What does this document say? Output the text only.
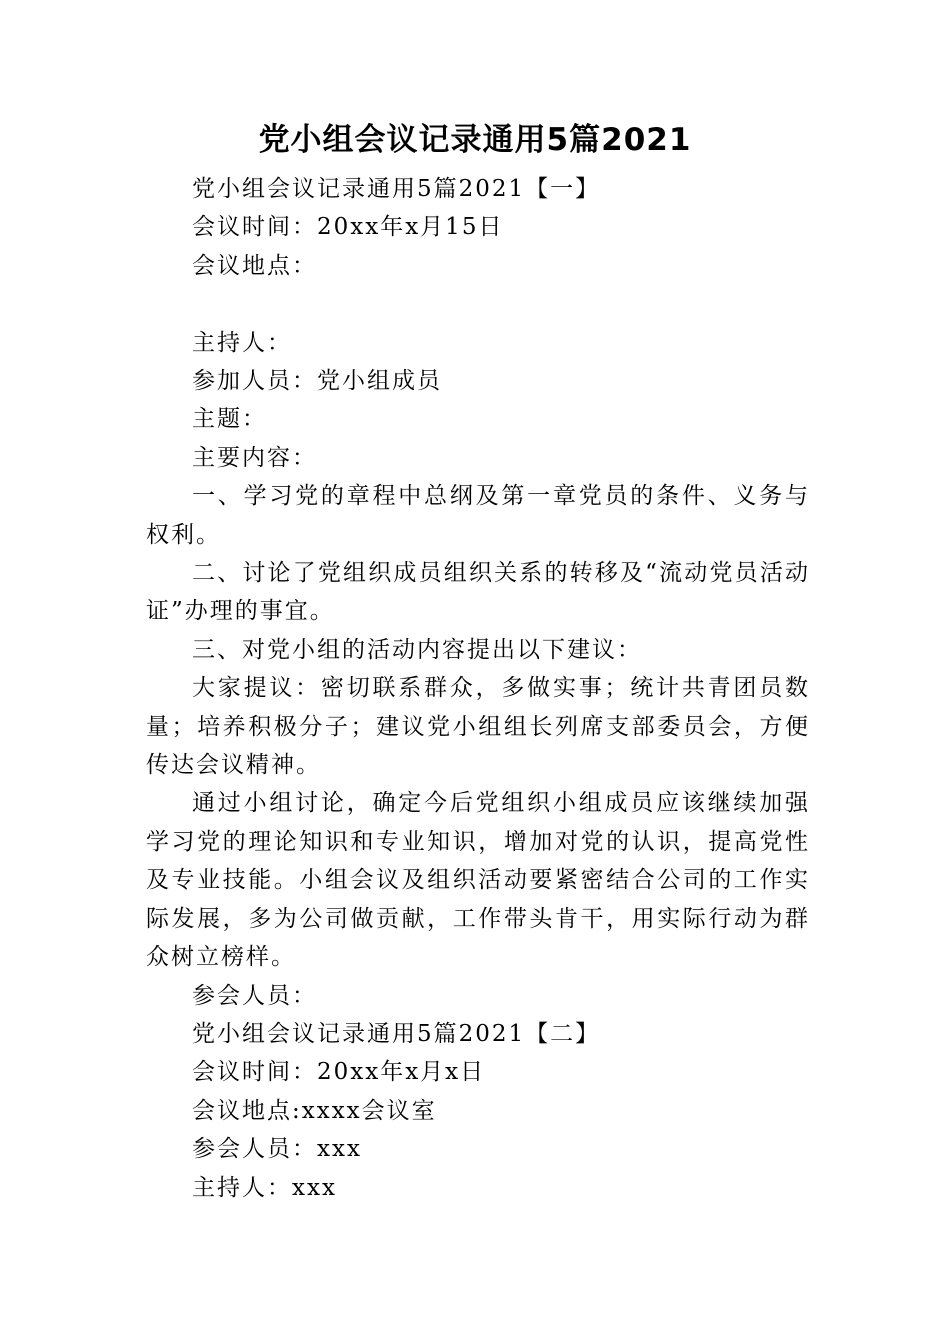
党小组会议记录通用5篇2021

党小组会议记录通用5篇2021【一】

会议时间：20xx年x月15日

会议地点：

主持人：

参加人员：党小组成员

主题：

主要内容：

一、学习党的章程中总纲及第一章党员的条件、义务与权利。

二、讨论了党组织成员组织关系的转移及“流动党员活动证”办理的事宜。

三、对党小组的活动内容提出以下建议：

大家提议：密切联系群众，多做实事；统计共青团员数量；培养积极分子；建议党小组组长列席支部委员会，方便传达会议精神。

通过小组讨论，确定今后党组织小组成员应该继续加强学习党的理论知识和专业知识，增加对党的认识，提高党性及专业技能。小组会议及组织活动要紧密结合公司的工作实际发展，多为公司做贡献，工作带头肯干，用实际行动为群众树立榜样。

参会人员：

党小组会议记录通用5篇2021【二】

会议时间：20xx年x月x日

会议地点:xxxx会议室

参会人员：xxx

主持人：xxx
